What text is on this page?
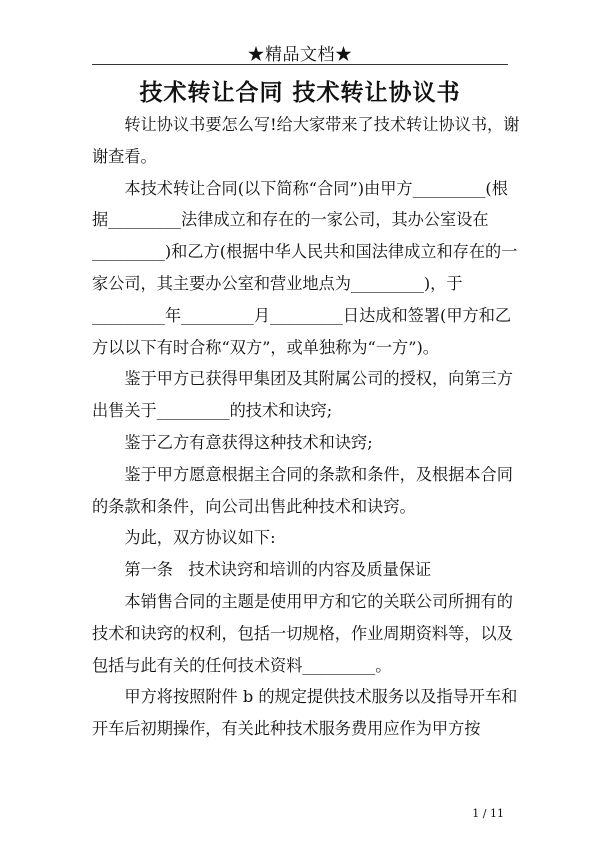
★精品文档★
技术转让合同 技术转让协议书

转让协议书要怎么写!给大家带来了技术转让协议书，谢谢查看。

本技术转让合同(以下简称“合同”)由甲方_________(根据_________法律成立和存在的一家公司，其办公室设在_________)和乙方(根据中华人民共和国法律成立和存在的一家公司，其主要办公室和营业地点为_________)，于_________年_________月_________日达成和签署(甲方和乙方以以下有时合称“双方”，或单独称为“一方”)。

鉴于甲方已获得甲集团及其附属公司的授权，向第三方出售关于_________的技术和诀窍;

鉴于乙方有意获得这种技术和诀窍;

鉴于甲方愿意根据主合同的条款和条件，及根据本合同的条款和条件，向公司出售此种技术和诀窍。

为此，双方协议如下:

第一条   技术诀窍和培训的内容及质量保证

本销售合同的主题是使用甲方和它的关联公司所拥有的技术和诀窍的权利，包括一切规格，作业周期资料等，以及包括与此有关的任何技术资料_________。

甲方将按照附件 b 的规定提供技术服务以及指导开车和开车后初期操作，有关此种技术服务费用应作为甲方按

1 / 11
